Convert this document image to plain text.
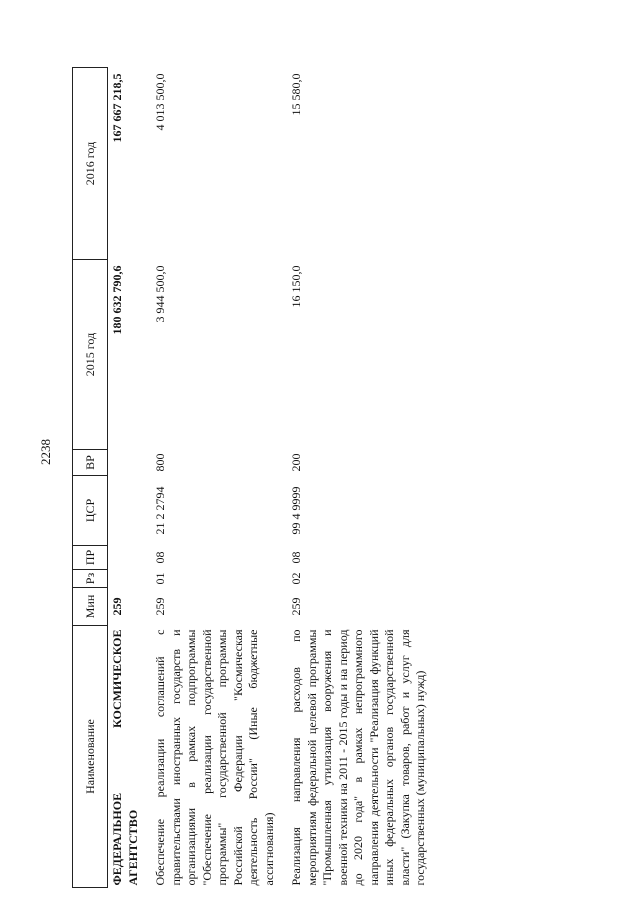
2238
Наименование	Мин	Рз	ПР	ЦСР	ВР	2015 год	2016 год
ФЕДЕРАЛЬНОЕ КОСМИЧЕСКОЕ АГЕНТСТВО	259					180 632 790,6	167 667 218,5
Обеспечение реализации соглашений с правительствами иностранных государств и организациями в рамках подпрограммы "Обеспечение реализации государственной программы" государственной программы Российской Федерации "Космическая деятельность России" (Иные бюджетные ассигнования)	259	01	08	21 2 2794	800	3 944 500,0	4 013 500,0
Реализация направления расходов по мероприятиям федеральной целевой программы "Промышленная утилизация вооружения и военной техники на 2011 - 2015 годы и на период до 2020 года" в рамках непрограммного направления деятельности "Реализация функций иных федеральных органов государственной власти" (Закупка товаров, работ и услуг для государственных (муниципальных) нужд)	259	02	08	99 4 9999	200	16 150,0	15 580,0
